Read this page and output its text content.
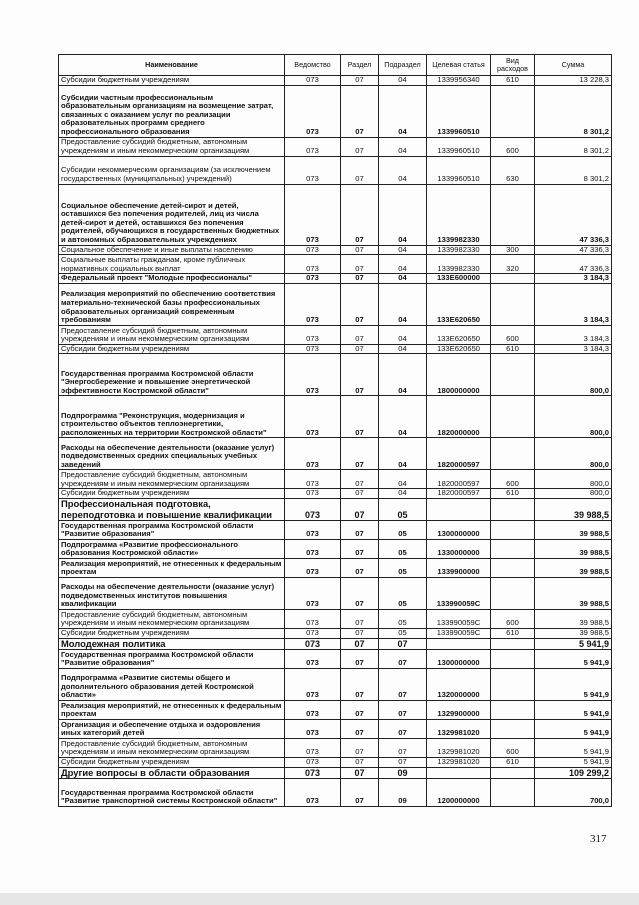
Наименование	Ведомство	Раздел	Подраздел	Целевая статья	Вид расходов	Сумма
Субсидии бюджетным учреждениям	073	07	04	1339956340	610	13 228,3
Субсидии частным профессиональным образовательным организациям на возмещение затрат, связанных с оказанием услуг по реализации образовательных программ среднего профессионального образования	073	07	04	1339960510		8 301,2
Предоставление субсидий бюджетным, автономным учреждениям и иным некоммерческим организациям	073	07	04	1339960510	600	8 301,2
Субсидии некоммерческим организациям (за исключением государственных (муниципальных) учреждений)	073	07	04	1339960510	630	8 301,2
Социальное обеспечение детей-сирот и детей, оставшихся без попечения родителей, лиц из числа детей-сирот и детей, оставшихся без попечения родителей, обучающихся в государственных бюджетных и автономных образовательных учреждениях	073	07	04	1339982330		47 336,3
Социальное обеспечение и иные выплаты населению	073	07	04	1339982330	300	47 336,3
Социальные выплаты гражданам, кроме публичных нормативных социальных выплат	073	07	04	1339982330	320	47 336,3
Федеральный проект "Молодые профессионалы"	073	07	04	133E600000		3 184,3
Реализация мероприятий по обеспечению соответствия материально-технической базы профессиональных образовательных организаций современным требованиям	073	07	04	133E620650		3 184,3
Предоставление субсидий бюджетным, автономным учреждениям и иным некоммерческим организациям	073	07	04	133E620650	600	3 184,3
Субсидии бюджетным учреждениям	073	07	04	133E620650	610	3 184,3
Государственная программа Костромской области "Энергосбережение и повышение энергетической эффективности Костромской области"	073	07	04	1800000000		800,0
Подпрограмма "Реконструкция, модернизация и строительство объектов теплоэнергетики, расположенных на территории Костромской области"	073	07	04	1820000000		800,0
Расходы на обеспечение деятельности (оказание услуг) подведомственных средних специальных учебных заведений	073	07	04	1820000597		800,0
Предоставление субсидий бюджетным, автономным учреждениям и иным некоммерческим организациям	073	07	04	1820000597	600	800,0
Субсидии бюджетным учреждениям	073	07	04	1820000597	610	800,0
Профессиональная подготовка, переподготовка и повышение квалификации	073	07	05			39 988,5
Государственная программа Костромской области "Развитие образования"	073	07	05	1300000000		39 988,5
Подпрограмма «Развитие профессионального образования Костромской области»	073	07	05	1330000000		39 988,5
Реализация мероприятий, не отнесенных к федеральным проектам	073	07	05	1339900000		39 988,5
Расходы на обеспечение деятельности (оказание услуг) подведомственных институтов повышения квалификации	073	07	05	133990059С		39 988,5
Предоставление субсидий бюджетным, автономным учреждениям и иным некоммерческим организациям	073	07	05	133990059С	600	39 988,5
Субсидии бюджетным учреждениям	073	07	05	133990059С	610	39 988,5
Молодежная политика	073	07	07			5 941,9
Государственная программа Костромской области "Развитие образования"	073	07	07	1300000000		5 941,9
Подпрограмма «Развитие системы общего и дополнительного образования детей Костромской области»	073	07	07	1320000000		5 941,9
Реализация мероприятий, не отнесенных к федеральным проектам	073	07	07	1329900000		5 941,9
Организация и обеспечение отдыха и оздоровления иных категорий детей	073	07	07	1329981020		5 941,9
Предоставление субсидий бюджетным, автономным учреждениям и иным некоммерческим организациям	073	07	07	1329981020	600	5 941,9
Субсидии бюджетным учреждениям	073	07	07	1329981020	610	5 941,9
Другие вопросы в области образования	073	07	09			109 299,2
Государственная программа Костромской области "Развитие транспортной системы Костромской области"	073	07	09	1200000000		700,0
317
